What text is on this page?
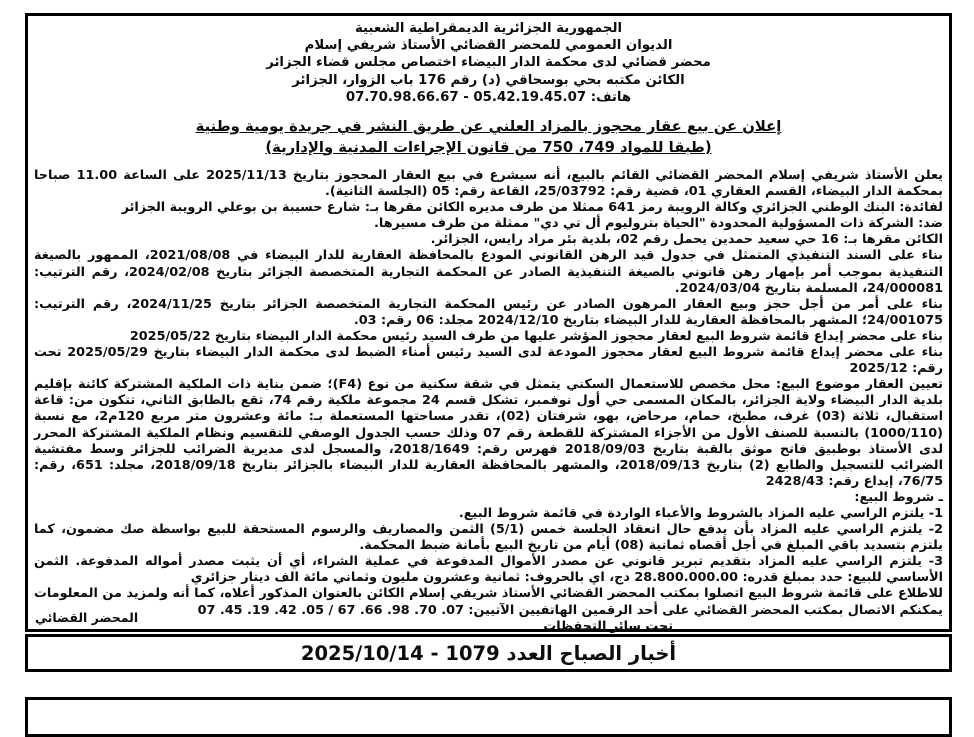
الجمهورية الجزائرية الديمقراطية الشعبية
الديوان العمومي للمحضر القضائي الأستاذ شريفي إسلام
محضر قضائي لدى محكمة الدار البيضاء اختصاص مجلس قضاء الجزائر
الكائن مكتبه بحي بوسحاقي (د) رقم 176 باب الزوار، الجزائر
هاتف: 05.42.19.45.07 - 07.70.98.66.67
إعلان عن بيع عقار محجوز بالمزاد العلني عن طريق النشر في جريدة يومية وطنية
(طبقا للمواد 749، 750 من قانون الإجراءات المدنية والإدارية)

يعلن الأستاذ شريفي إسلام المحضر القضائي القائم بالبيع، أنه سيشرع في بيع العقار المحجوز بتاريخ 2025/11/13 على الساعة 11.00 صباحا بمحكمة الدار البيضاء، القسم العقاري 01، قضية رقم: 25/03792، القاعة رقم: 05 (الجلسة الثانية).

لفائدة: البنك الوطني الجزائري وكالة الرويبة رمز 641 ممثلا من طرف مديره الكائن مقرها بـ: شارع حسيبة بن بوعلي الرويبة الجزائر

ضد: الشركة ذات المسؤولية المحدودة "الحياة بتروليوم أل تي دي" ممثلة من طرف مسيرها.

الكائن مقرها بـ: 16 حي سعيد حمدين يحمل رقم 02، بلدية بئر مراد رايس، الجزائر.

بناء على السند التنفيذي المتمثل في جدول قيد الرهن القانوني المودع بالمحافظة العقارية للدار البيضاء في 2021/08/08، الممهور بالصيغة التنفيذية بموجب أمر بإمهار رهن قانوني بالصيغة التنفيذية الصادر عن المحكمة التجارية المتخصصة الجزائر بتاريخ 2024/02/08، رقم الترتيب: 24/000081، المسلمة بتاريخ 2024/03/04.

بناء على أمر من أجل حجز وبيع العقار المرهون الصادر عن رئيس المحكمة التجارية المتخصصة الجزائر بتاريخ 2024/11/25، رقم الترتيب: 24/001075؛ المشهر بالمحافظة العقارية للدار البيضاء بتاريخ 2024/12/10 مجلد: 06 رقم: 03.

بناء على محضر إيداع قائمة شروط البيع لعقار محجوز المؤشر عليها من طرف السيد رئيس محكمة الدار البيضاء بتاريخ 2025/05/22

بناء على محضر إيداع قائمة شروط البيع لعقار محجوز المودعة لدى السيد رئيس أمناء الضبط لدى محكمة الدار البيضاء بتاريخ 2025/05/29 تحت رقم: 2025/12

تعيين العقار موضوع البيع: محل مخصص للاستعمال السكني يتمثل في شقة سكنية من نوع (F4)؛ ضمن بناية ذات الملكية المشتركة كائنة بإقليم بلدية الدار البيضاء ولاية الجزائر، بالمكان المسمى حي أول نوفمبر، تشكل قسم 24 مجموعة ملكية رقم 74، تقع بالطابق الثاني، تتكون من: قاعة استقبال، ثلاثة (03) غرف، مطبخ، حمام، مرحاض، بهو، شرفتان (02)، تقدر مساحتها المستعملة بـ: مائة وعشرون متر مربع 120م2، مع نسبة (1000/110) بالنسبة للصنف الأول من الأجزاء المشتركة للقطعة رقم 07 وذلك حسب الجدول الوصفي للتقسيم ونظام الملكية المشتركة المحرر لدى الأستاذ بوطبيق فاتح موثق بالقبة بتاريخ 2018/09/03 فهرس رقم: 2018/1649، والمسجل لدى مديرية الضرائب للجزائر وسط مفتشية الضرائب للتسجيل والطابع (2) بتاريخ 2018/09/13، والمشهر بالمحافظة العقارية للدار البيضاء بالجزائر بتاريخ 2018/09/18، مجلد: 651، رقم: 76/75، إيداع رقم: 2428/43

ـ شروط البيع:

1- يلتزم الراسي عليه المزاد بالشروط والأعباء الواردة في قائمة شروط البيع.

2- يلتزم الراسي عليه المزاد بأن يدفع حال انعقاد الجلسة خمس (5/1) الثمن والمصاريف والرسوم المستحقة للبيع بواسطة صك مضمون، كما يلتزم بتسديد باقي المبلغ في أجل أقصاه ثمانية (08) أيام من تاريخ البيع بأمانة ضبط المحكمة.

3- يلتزم الراسي عليه المزاد بتقديم تبرير قانوني عن مصدر الأموال المدفوعة في عملية الشراء، أي أن يثبت مصدر أمواله المدفوعة. الثمن الأساسي للبيع: حدد بمبلغ قدره: 28.800.000.00 دج، اي بالحروف: ثمانية وعشرون مليون وثماني مائة الف دينار جزائري

للاطلاع على قائمة شروط البيع اتصلوا بمكتب المحضر القضائي الأستاذ شريفي إسلام الكائن بالعنوان المذكور أعلاه، كما أنه ولمزيد من المعلومات يمكنكم الاتصال بمكتب المحضر القضائي على أحد الرقمين الهاتفيين الآتيين: 07. 70. 98. 66. 67 / 05. 42. 19. 45. 07

تحت سائر التحفظات

المحضر القضائي
أخبار الصباح العدد 1079 - 2025/10/14
